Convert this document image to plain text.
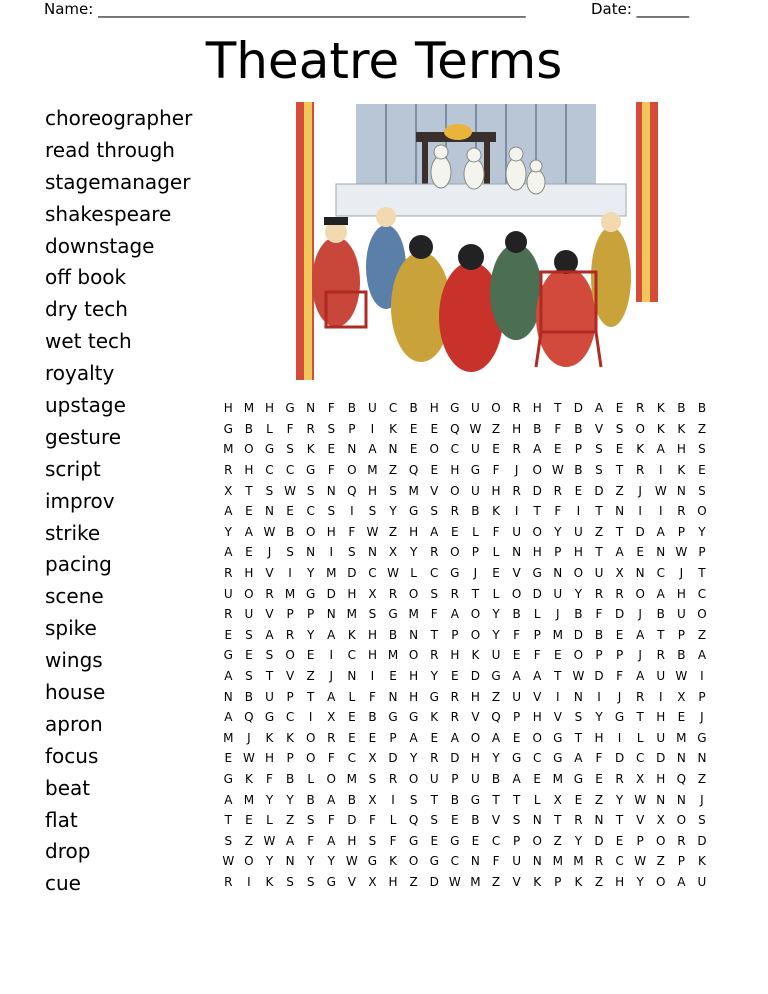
Name: _________________________________________________________	Date: _______
Theatre Terms
choreographer
read through
stagemanager
shakespeare
downstage
off book
dry tech
wet tech
royalty
upstage
gesture
script
improv
strike
pacing
scene
spike
wings
house
apron
focus
beat
flat
drop
cue
H	M	H	G	N	F	B	U	C	B	H	G	U	O	R	H	T	D	A	E	R	K	B	B
G	B	L	F	R	S	P	I	K	E	E	Q	W	Z	H	B	F	B	V	S	O	K	K	Z
M	O	G	S	K	E	N	A	N	E	O	C	U	E	R	A	E	P	S	E	K	A	H	S
R	H	C	C	G	F	O	M	Z	Q	E	H	G	F	J	O	W	B	S	T	R	I	K	E
X	T	S	W	S	N	Q	H	S	M	V	O	U	H	R	D	R	E	D	Z	J	W	N	S
A	E	N	E	C	S	I	S	Y	G	S	R	B	K	I	T	F	I	T	N	I	I	R	O
Y	A	W	B	O	H	F	W	Z	H	A	E	L	F	U	O	Y	U	Z	T	D	A	P	Y
A	E	J	S	N	I	S	N	X	Y	R	O	P	L	N	H	P	H	T	A	E	N	W	P
R	H	V	I	Y	M	D	C	W	L	C	G	J	E	V	G	N	O	U	X	N	C	J	T
U	O	R	M	G	D	H	X	R	O	S	R	T	L	O	D	U	Y	R	R	O	A	H	C
R	U	V	P	P	N	M	S	G	M	F	A	O	Y	B	L	J	B	F	D	J	B	U	O
E	S	A	R	Y	A	K	H	B	N	T	P	O	Y	F	P	M	D	B	E	A	T	P	Z
G	E	S	O	E	I	C	H	M	O	R	H	K	U	E	F	E	O	P	P	J	R	B	A
A	S	T	V	Z	J	N	I	E	H	Y	E	D	G	A	A	T	W	D	F	A	U	W	I
N	B	U	P	T	A	L	F	N	H	G	R	H	Z	U	V	I	N	I	J	R	I	X	P
A	Q	G	C	I	X	E	B	G	G	K	R	V	Q	P	H	V	S	Y	G	T	H	E	J
M	J	K	K	O	R	E	E	P	A	E	A	O	A	E	O	G	T	H	I	L	U	M	G
E	W	H	P	O	F	C	X	D	Y	R	D	H	Y	G	C	G	A	F	D	C	D	N	N
G	K	F	B	L	O	M	S	R	O	U	P	U	B	A	E	M	G	E	R	X	H	Q	Z
A	M	Y	Y	B	A	B	X	I	S	T	B	G	T	T	L	X	E	Z	Y	W	N	N	J
T	E	L	Z	S	F	D	F	L	Q	S	E	B	V	S	N	T	R	N	T	V	X	O	S
S	Z	W	A	F	A	H	S	F	G	E	G	E	C	P	O	Z	Y	D	E	P	O	R	D
W	O	Y	N	Y	Y	W	G	K	O	G	C	N	F	U	N	M	M	R	C	W	Z	P	K
R	I	K	S	S	G	V	X	H	Z	D	W	M	Z	V	K	P	K	Z	H	Y	O	A	U
